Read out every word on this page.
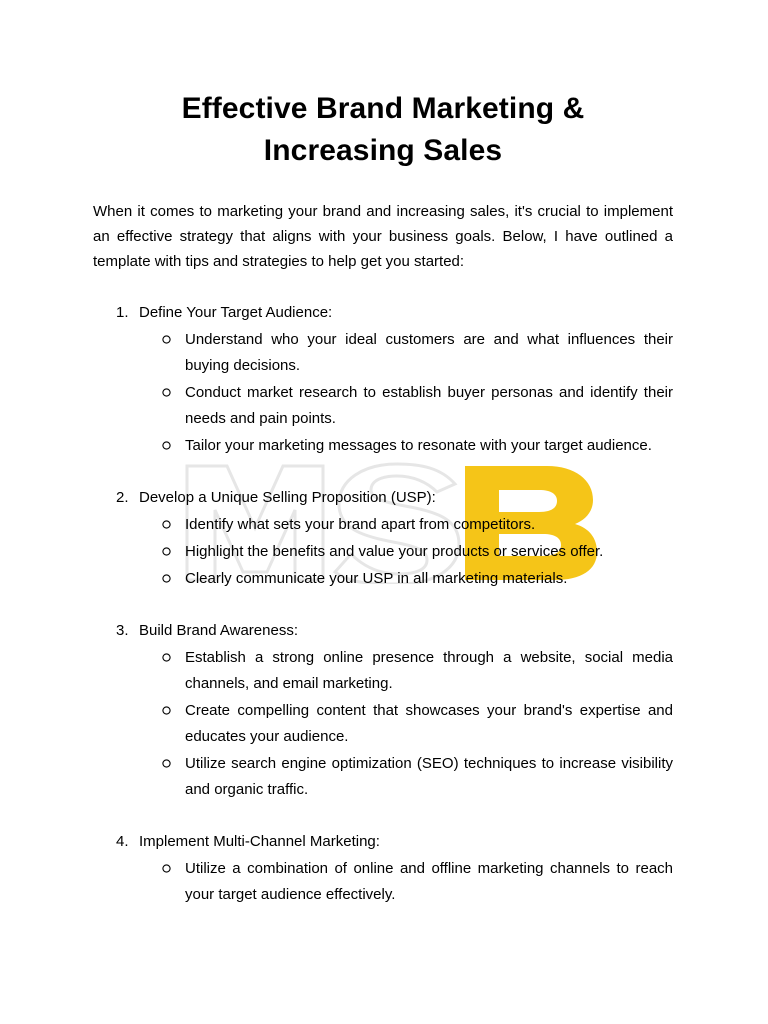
Effective Brand Marketing &
Increasing Sales

When it comes to marketing your brand and increasing sales, it's crucial to implement an effective strategy that aligns with your business goals. Below, I have outlined a template with tips and strategies to help get you started:

1. Define Your Target Audience:
Understand who your ideal customers are and what influences their buying decisions.
Conduct market research to establish buyer personas and identify their needs and pain points.
Tailor your marketing messages to resonate with your target audience.
2. Develop a Unique Selling Proposition (USP):
Identify what sets your brand apart from competitors.
Highlight the benefits and value your products or services offer.
Clearly communicate your USP in all marketing materials.
3. Build Brand Awareness:
Establish a strong online presence through a website, social media channels, and email marketing.
Create compelling content that showcases your brand's expertise and educates your audience.
Utilize search engine optimization (SEO) techniques to increase visibility and organic traffic.
4. Implement Multi-Channel Marketing:
Utilize a combination of online and offline marketing channels to reach your target audience effectively.
